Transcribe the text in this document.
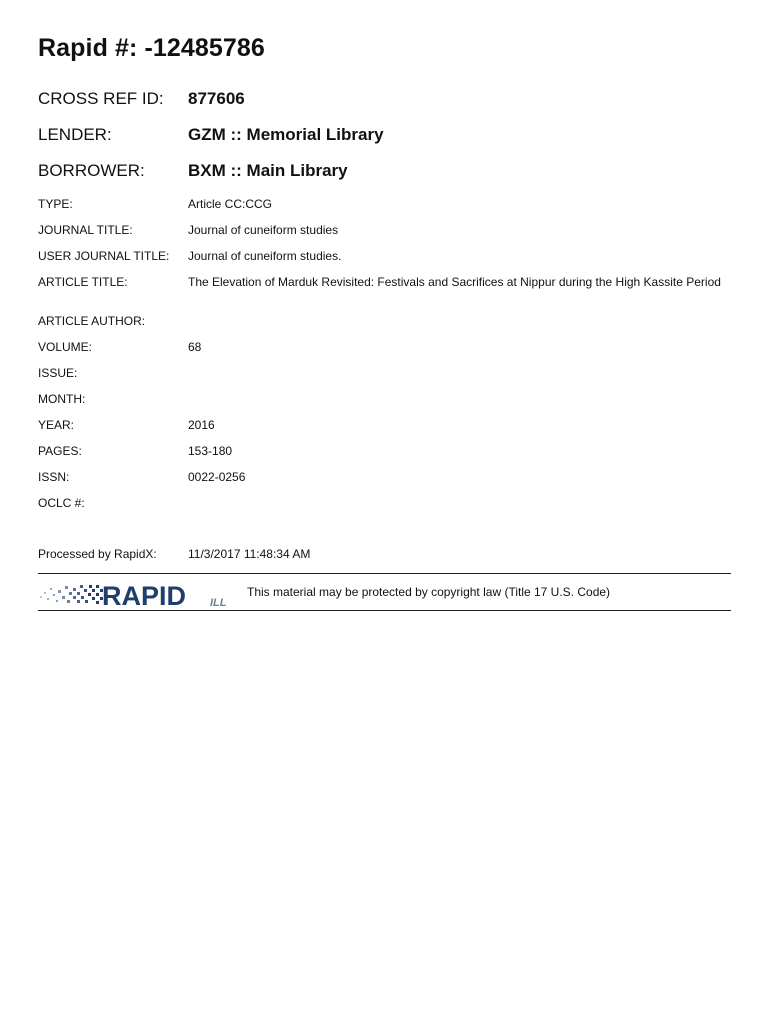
Rapid #: -12485786
CROSS REF ID: 877606
LENDER:	GZM :: Memorial Library
BORROWER:	BXM :: Main Library
TYPE:	Article CC:CCG
JOURNAL TITLE:	Journal of cuneiform studies
USER JOURNAL TITLE: Journal of cuneiform studies.
ARTICLE TITLE:	The Elevation of Marduk Revisited: Festivals and Sacrifices at Nippur during the High Kassite Period
ARTICLE AUTHOR:
VOLUME:	68
ISSUE:
MONTH:
YEAR:	2016
PAGES:	153-180
ISSN:	0022-0256
OCLC #:
Processed by RapidX:	11/3/2017 11:48:34 AM
RAPID ILL
This material may be protected by copyright law (Title 17 U.S. Code)
